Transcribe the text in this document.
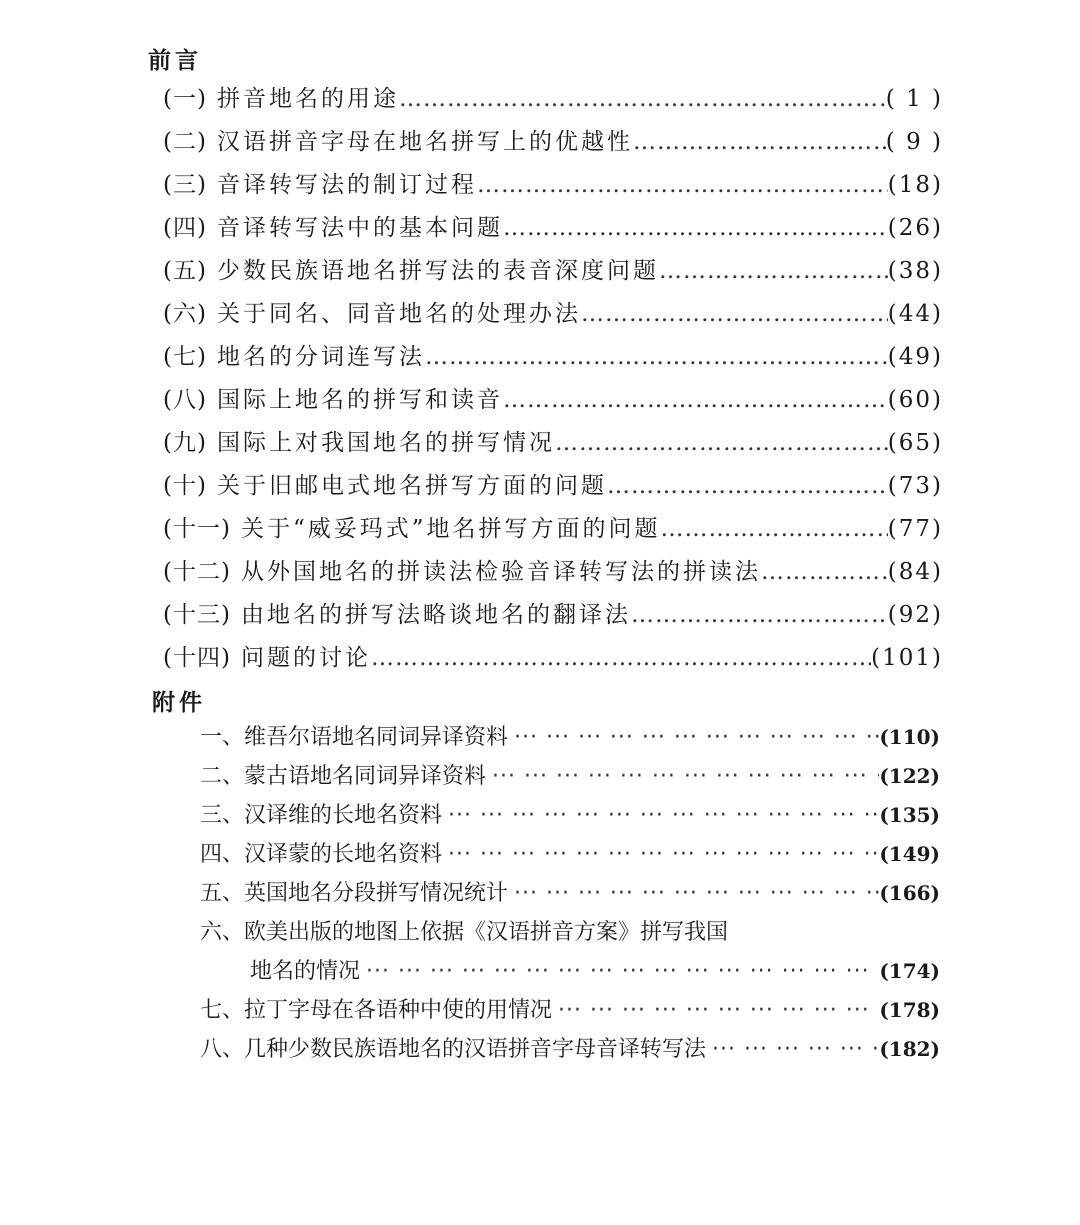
前言
(一) 拼音地名的用途 ……………………………………………………………………………………………………………………………………………………	( 1 )
(二) 汉语拼音字母在地名拼写上的优越性 ……………………………………………………………………………………………………………………………………………………	( 9 )
(三) 音译转写法的制订过程 ……………………………………………………………………………………………………………………………………………………	(18)
(四) 音译转写法中的基本问题 ……………………………………………………………………………………………………………………………………………………	(26)
(五) 少数民族语地名拼写法的表音深度问题 ……………………………………………………………………………………………………………………………………………………	(38)
(六) 关于同名、同音地名的处理办法 ……………………………………………………………………………………………………………………………………………………	(44)
(七) 地名的分词连写法 ……………………………………………………………………………………………………………………………………………………	(49)
(八) 国际上地名的拼写和读音 ……………………………………………………………………………………………………………………………………………………	(60)
(九) 国际上对我国地名的拼写情况 ……………………………………………………………………………………………………………………………………………………	(65)
(十) 关于旧邮电式地名拼写方面的问题 ……………………………………………………………………………………………………………………………………………………	(73)
(十一) 关于“威妥玛式”地名拼写方面的问题 ……………………………………………………………………………………………………………………………………………………	(77)
(十二) 从外国地名的拼读法检验音译转写法的拼读法 ……………………………………………………………………………………………………………………………………………………	(84)
(十三) 由地名的拼写法略谈地名的翻译法 ……………………………………………………………………………………………………………………………………………………	(92)
(十四) 问题的讨论 ……………………………………………………………………………………………………………………………………………………	(101)
附件
一、维吾尔语地名同词异译资料 ··· ·	(110)
二、蒙古语地名同词异译资料 ··· ·	(122)
三、汉译维的长地名资料 ··· ·	(135)
四、汉译蒙的长地名资料 ··· ·	(149)
五、英国地名分段拼写情况统计 ··· ·	(166)
六、欧美出版的地图上依据《汉语拼音方案》拼写我国
地名的情况 ··· ·	(174)
七、拉丁字母在各语种中使的用情况 ··· ·	(178)
八、几种少数民族语地名的汉语拼音字母音译转写法 ··· ·	(182)
